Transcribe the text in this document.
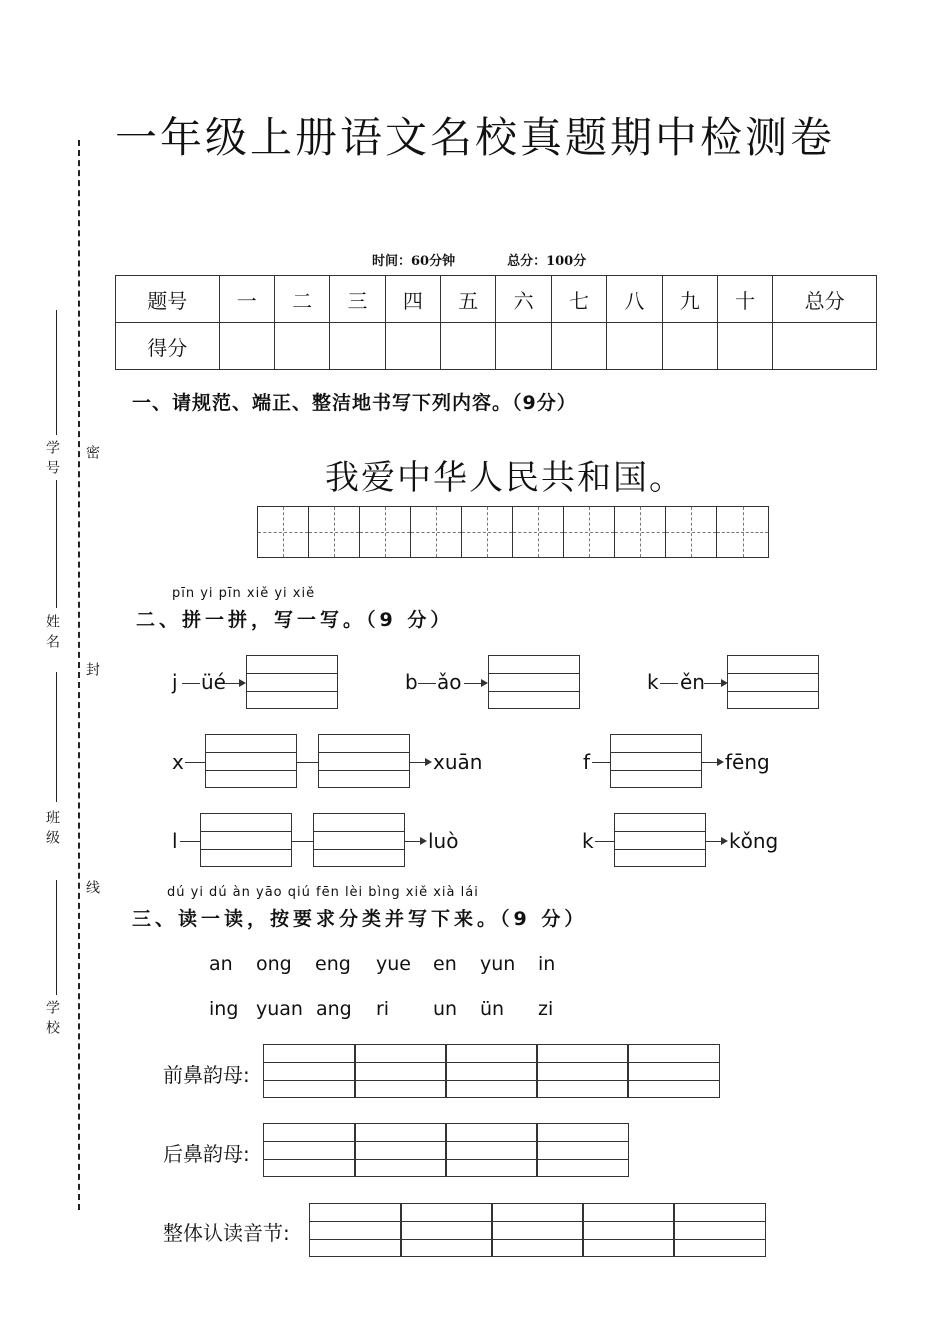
密
封
线
学号
姓名
班级
学校
一年级上册语文名校真题期中检测卷
时间：60分钟	总分：100分
题号	一	二	三	四	五	六	七	八	九	十	总分
得分											
一、请规范、端正、整洁地书写下列内容。（9分）
我爱中华人民共和国。
pīn yi pīn xiě yi xiě
二、拼一拼，写一写。（9 分）
j üé	b ǎo	k ěn
x	xuān	f	fēng
l	luò	k	kǒng
dú yi dú àn yāo qiú fēn lèi bìng xiě xià lái
三、读一读，按要求分类并写下来。（9 分）
an ong eng yue en yun in
ing yuan ang ri un ün zi
前鼻韵母:
后鼻韵母:
整体认读音节:
